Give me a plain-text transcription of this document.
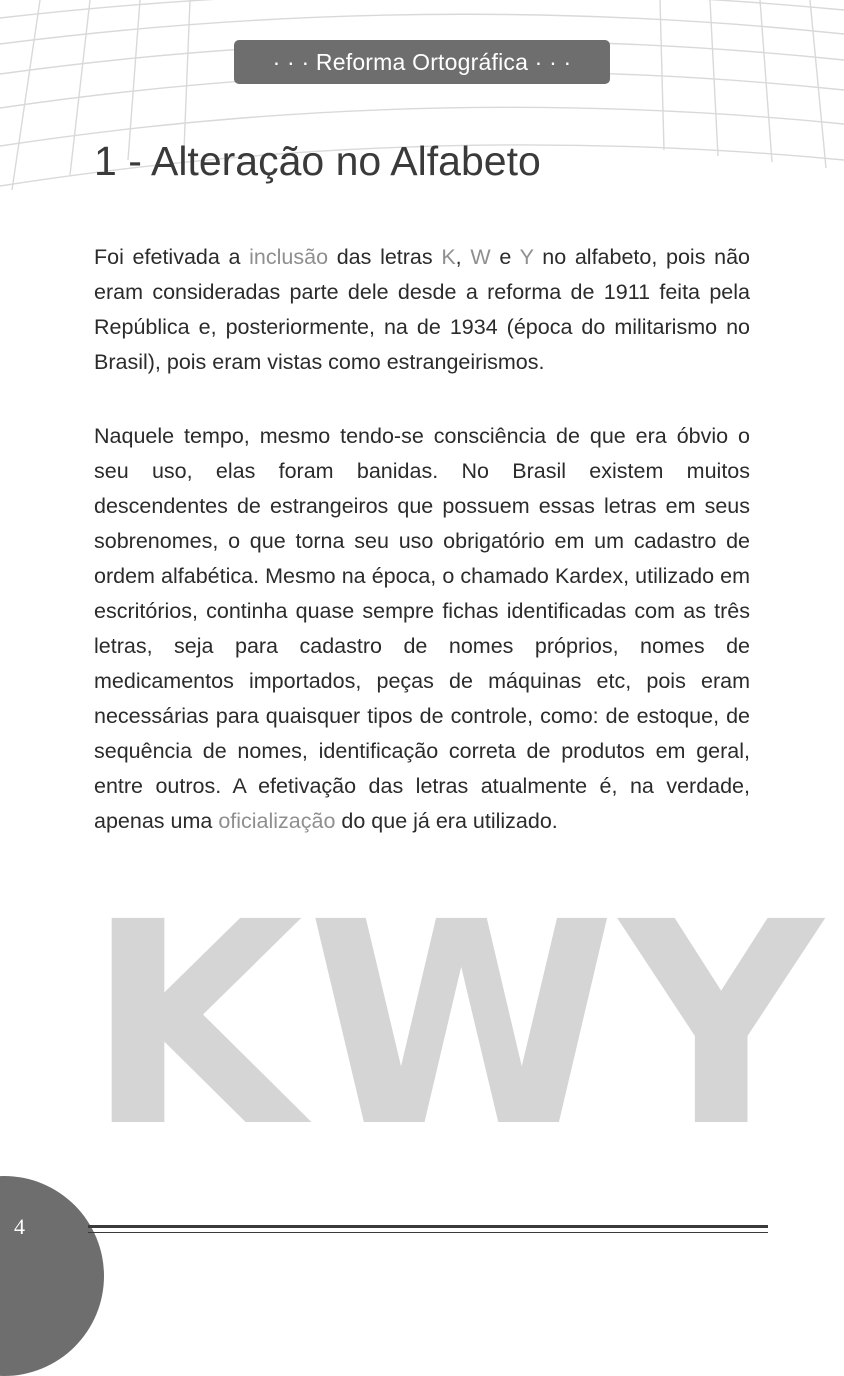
· · · Reforma Ortográfica · · ·
1 - Alteração no Alfabeto

Foi efetivada a inclusão das letras K, W e Y no alfabeto, pois não eram consideradas parte dele desde a reforma de 1911 feita pela República e, posteriormente, na de 1934 (época do militarismo no Brasil), pois eram vistas como estrangeirismos.

Naquele tempo, mesmo tendo-se consciência de que era óbvio o seu uso, elas foram banidas. No Brasil existem muitos descendentes de estrangeiros que possuem essas letras em seus sobrenomes, o que torna seu uso obrigatório em um cadastro de ordem alfabética. Mesmo na época, o chamado Kardex, utilizado em escritórios, continha quase sempre fichas identificadas com as três letras, seja para cadastro de nomes próprios, nomes de medicamentos importados, peças de máquinas etc, pois eram necessárias para quaisquer tipos de controle, como: de estoque, de sequência de nomes, identificação correta de produtos em geral, entre outros. A efetivação das letras atualmente é, na verdade, apenas uma oficialização do que já era utilizado.

KWY
4
